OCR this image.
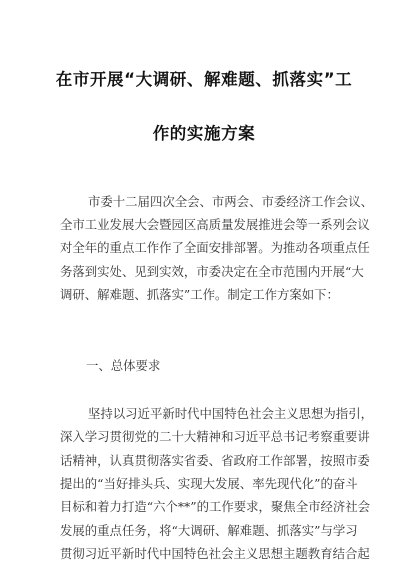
在市开展“大调研、解难题、抓落实”工
作的实施方案
市委十二届四次全会、市两会、市委经济工作会议、
全市工业发展大会暨园区高质量发展推进会等一系列会议
对全年的重点工作作了全面安排部署。为推动各项重点任
务落到实处、见到实效，市委决定在全市范围内开展“大
调研、解难题、抓落实”工作。制定工作方案如下：
一、总体要求
坚持以习近平新时代中国特色社会主义思想为指引，
深入学习贯彻党的二十大精神和习近平总书记考察重要讲
话精神，认真贯彻落实省委、省政府工作部署，按照市委
提出的“当好排头兵、实现大发展、率先现代化”的奋斗
目标和着力打造“六个**”的工作要求，聚焦全市经济社会
发展的重点任务，将“大调研、解难题、抓落实”与学习
贯彻习近平新时代中国特色社会主义思想主题教育结合起
